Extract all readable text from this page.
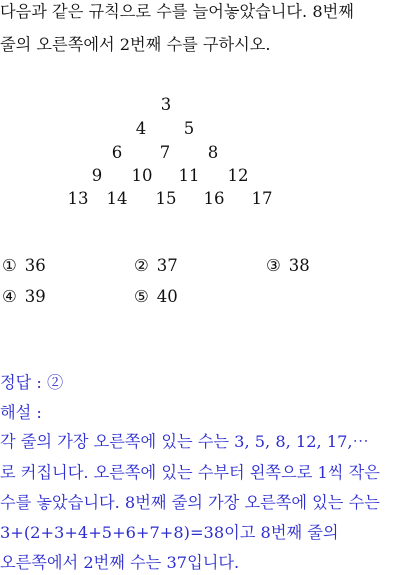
다음과 같은 규칙으로 수를 늘어놓았습니다. 8번째
줄의 오른쪽에서 2번째 수를 구하시오.
3
4 5
6 7 8
9 10 11 12
13 14 15 16 17
① 36	② 37	③ 38
④ 39	⑤ 40
정답 : ②
해설 :
각 줄의 가장 오른쪽에 있는 수는 3, 5, 8, 12, 17,⋯
로 커집니다. 오른쪽에 있는 수부터 왼쪽으로 1씩 작은
수를 놓았습니다. 8번째 줄의 가장 오른쪽에 있는 수는
3+(2+3+4+5+6+7+8)=38이고 8번째 줄의
오른쪽에서 2번째 수는 37입니다.
